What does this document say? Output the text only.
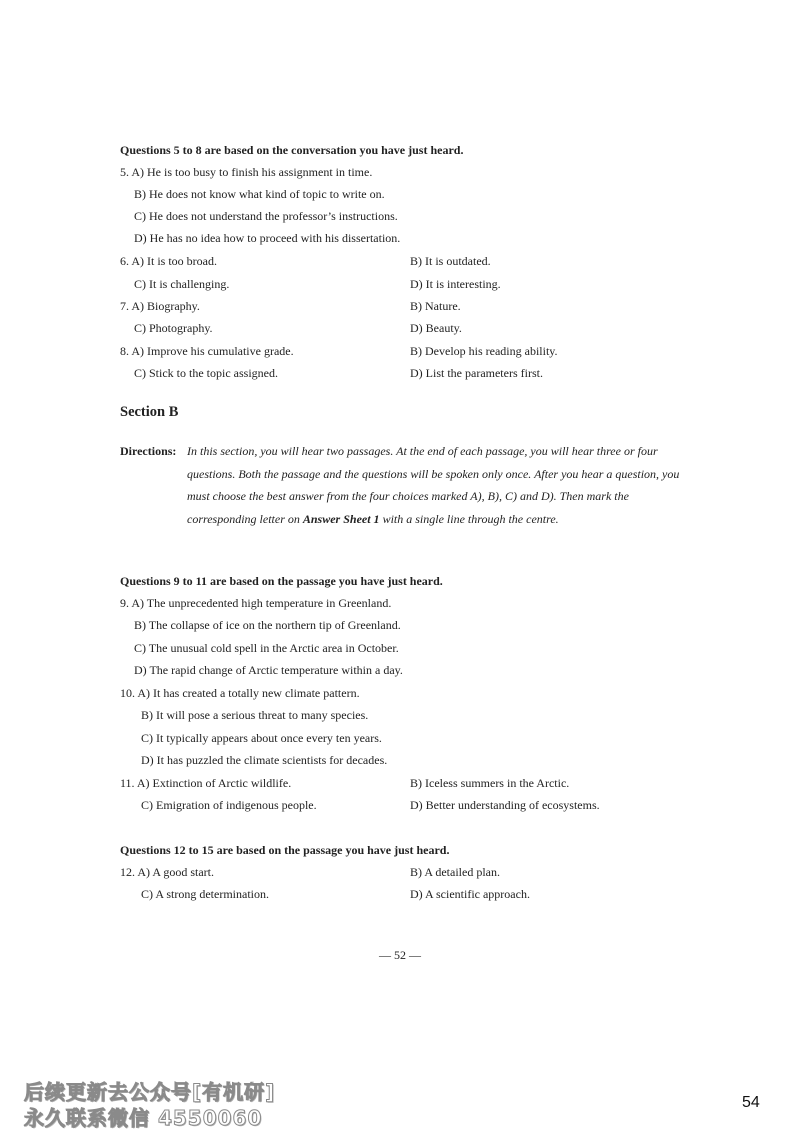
Questions 5 to 8 are based on the conversation you have just heard.
5. A) He is too busy to finish his assignment in time.
B) He does not know what kind of topic to write on.
C) He does not understand the professor’s instructions.
D) He has no idea how to proceed with his dissertation.
6. A) It is too broad.	B) It is outdated.
C) It is challenging.	D) It is interesting.
7. A) Biography.	B) Nature.
C) Photography.	D) Beauty.
8. A) Improve his cumulative grade.	B) Develop his reading ability.
C) Stick to the topic assigned.	D) List the parameters first.
Section B
Directions: In this section, you will hear two passages. At the end of each passage, you will hear three or four questions. Both the passage and the questions will be spoken only once. After you hear a question, you must choose the best answer from the four choices marked A), B), C) and D). Then mark the corresponding letter on Answer Sheet 1 with a single line through the centre.
Questions 9 to 11 are based on the passage you have just heard.
9. A) The unprecedented high temperature in Greenland.
B) The collapse of ice on the northern tip of Greenland.
C) The unusual cold spell in the Arctic area in October.
D) The rapid change of Arctic temperature within a day.
10. A) It has created a totally new climate pattern.
B) It will pose a serious threat to many species.
C) It typically appears about once every ten years.
D) It has puzzled the climate scientists for decades.
11. A) Extinction of Arctic wildlife.	B) Iceless summers in the Arctic.
C) Emigration of indigenous people.	D) Better understanding of ecosystems.
Questions 12 to 15 are based on the passage you have just heard.
12. A) A good start.	B) A detailed plan.
C) A strong determination.	D) A scientific approach.
— 52 —
后续更新去公众号[有机研]
永久联系微信 4550060
54
